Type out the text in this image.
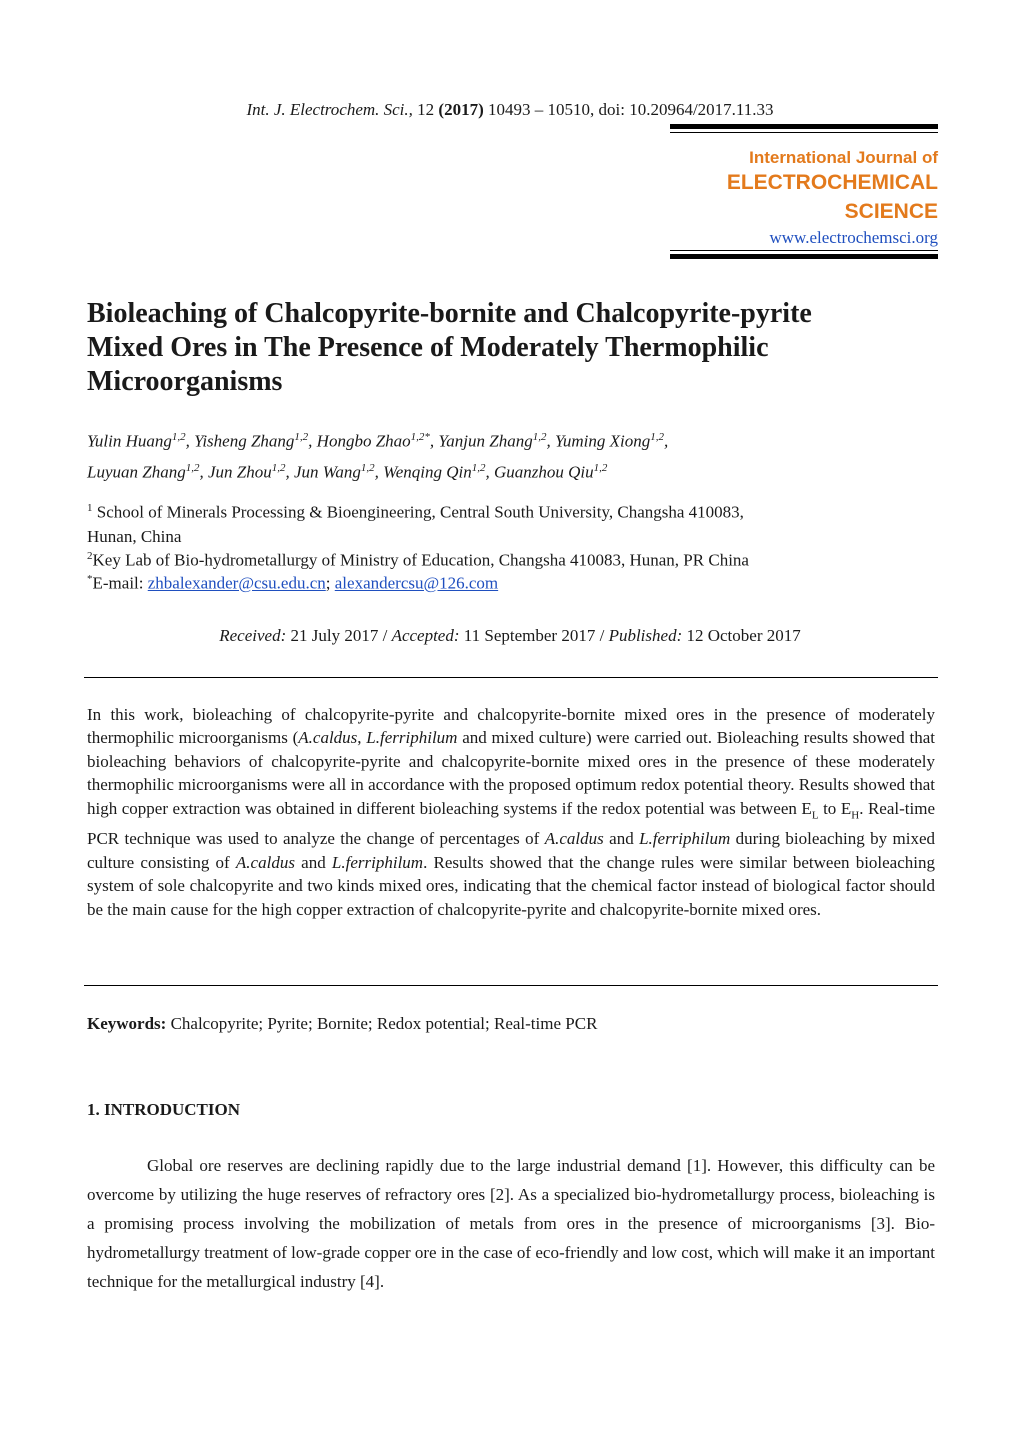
Int. J. Electrochem. Sci., 12 (2017) 10493 – 10510, doi: 10.20964/2017.11.33
International Journal of
ELECTROCHEMICAL
SCIENCE
www.electrochemsci.org
Bioleaching of Chalcopyrite-bornite and Chalcopyrite-pyrite
Mixed Ores in The Presence of Moderately Thermophilic
Microorganisms
Yulin Huang$^{1,2}$, Yisheng Zhang$^{1,2}$, Hongbo Zhao$^{1,2*}$, Yanjun Zhang$^{1,2}$, Yuming Xiong$^{1,2}$,
Luyuan Zhang$^{1,2}$, Jun Zhou$^{1,2}$, Jun Wang$^{1,2}$, Wenqing Qin$^{1,2}$, Guanzhou Qiu$^{1,2}$
$^1$ School of Minerals Processing & Bioengineering, Central South University, Changsha 410083,
Hunan, China
$^2$Key Lab of Bio-hydrometallurgy of Ministry of Education, Changsha 410083, Hunan, PR China
*E-mail: zhbalexander@csu.edu.cn; alexandercsu@126.com
Received: 21 July 2017 / Accepted: 11 September 2017 / Published: 12 October 2017

In this work, bioleaching of chalcopyrite-pyrite and chalcopyrite-bornite mixed ores in the presence of moderately thermophilic microorganisms (A.caldus, L.ferriphilum and mixed culture) were carried out. Bioleaching results showed that bioleaching behaviors of chalcopyrite-pyrite and chalcopyrite-bornite mixed ores in the presence of these moderately thermophilic microorganisms were all in accordance with the proposed optimum redox potential theory. Results showed that high copper extraction was obtained in different bioleaching systems if the redox potential was between $E_L$ to $E_H$. Real-time PCR technique was used to analyze the change of percentages of A.caldus and L.ferriphilum during bioleaching by mixed culture consisting of A.caldus and L.ferriphilum. Results showed that the change rules were similar between bioleaching system of sole chalcopyrite and two kinds mixed ores, indicating that the chemical factor instead of biological factor should be the main cause for the high copper extraction of chalcopyrite-pyrite and chalcopyrite-bornite mixed ores.

Keywords: Chalcopyrite; Pyrite; Bornite; Redox potential; Real-time PCR
1. INTRODUCTION

Global ore reserves are declining rapidly due to the large industrial demand [1]. However, this difficulty can be overcome by utilizing the huge reserves of refractory ores [2]. As a specialized bio-hydrometallurgy process, bioleaching is a promising process involving the mobilization of metals from ores in the presence of microorganisms [3]. Bio-hydrometallurgy treatment of low-grade copper ore in the case of eco-friendly and low cost, which will make it an important technique for the metallurgical industry [4].
